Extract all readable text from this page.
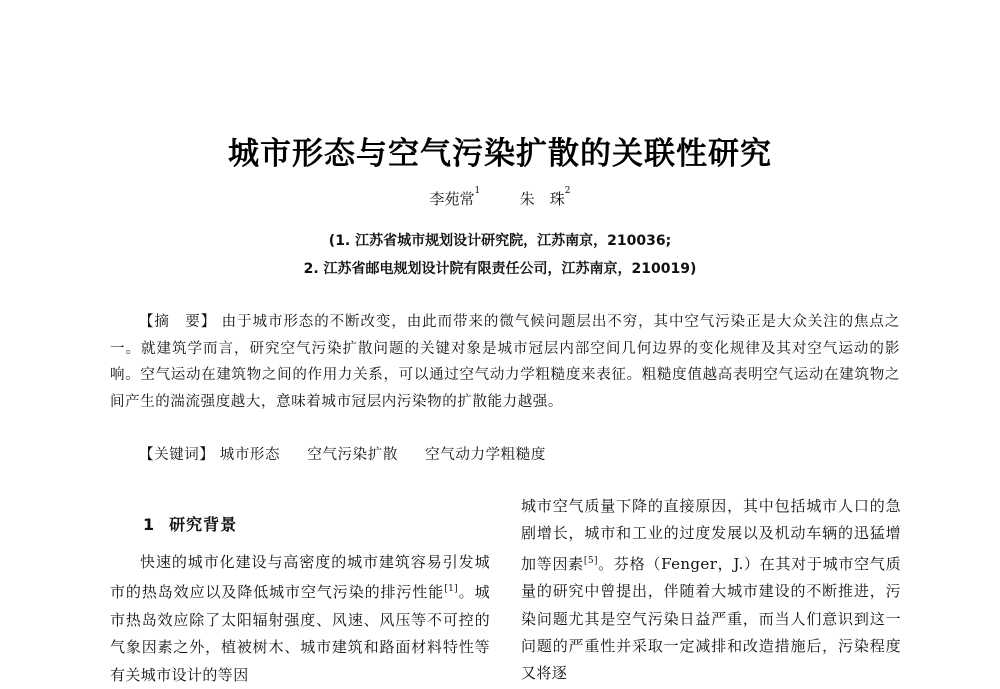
城市形态与空气污染扩散的关联性研究
李苑常$^1$	朱　珠$^2$
(1. 江苏省城市规划设计研究院，江苏南京，210036;
2. 江苏省邮电规划设计院有限责任公司，江苏南京，210019)
【摘　要】 由于城市形态的不断改变，由此而带来的微气候问题层出不穷，其中空气污染正是大众关注的焦点之一。就建筑学而言，研究空气污染扩散问题的关键对象是城市冠层内部空间几何边界的变化规律及其对空气运动的影响。空气运动在建筑物之间的作用力关系，可以通过空气动力学粗糙度来表征。粗糙度值越高表明空气运动在建筑物之间产生的湍流强度越大，意味着城市冠层内污染物的扩散能力越强。
【关键词】 城市形态 空气污染扩散 空气动力学粗糙度
1 研究背景
快速的城市化建设与高密度的城市建筑容易引发城市的热岛效应以及降低城市空气污染的排污性能[1]。城市热岛效应除了太阳辐射强度、风速、风压等不可控的气象因素之外，植被树木、城市建筑和路面材料特性等有关城市设计的等因
城市空气质量下降的直接原因，其中包括城市人口的急剧增长，城市和工业的过度发展以及机动车辆的迅猛增加等因素[5]。芬格（Fenger，J.）在其对于城市空气质量的研究中曾提出，伴随着大城市建设的不断推进，污染问题尤其是空气污染日益严重，而当人们意识到这一问题的严重性并采取一定减排和改造措施后，污染程度又将逐
